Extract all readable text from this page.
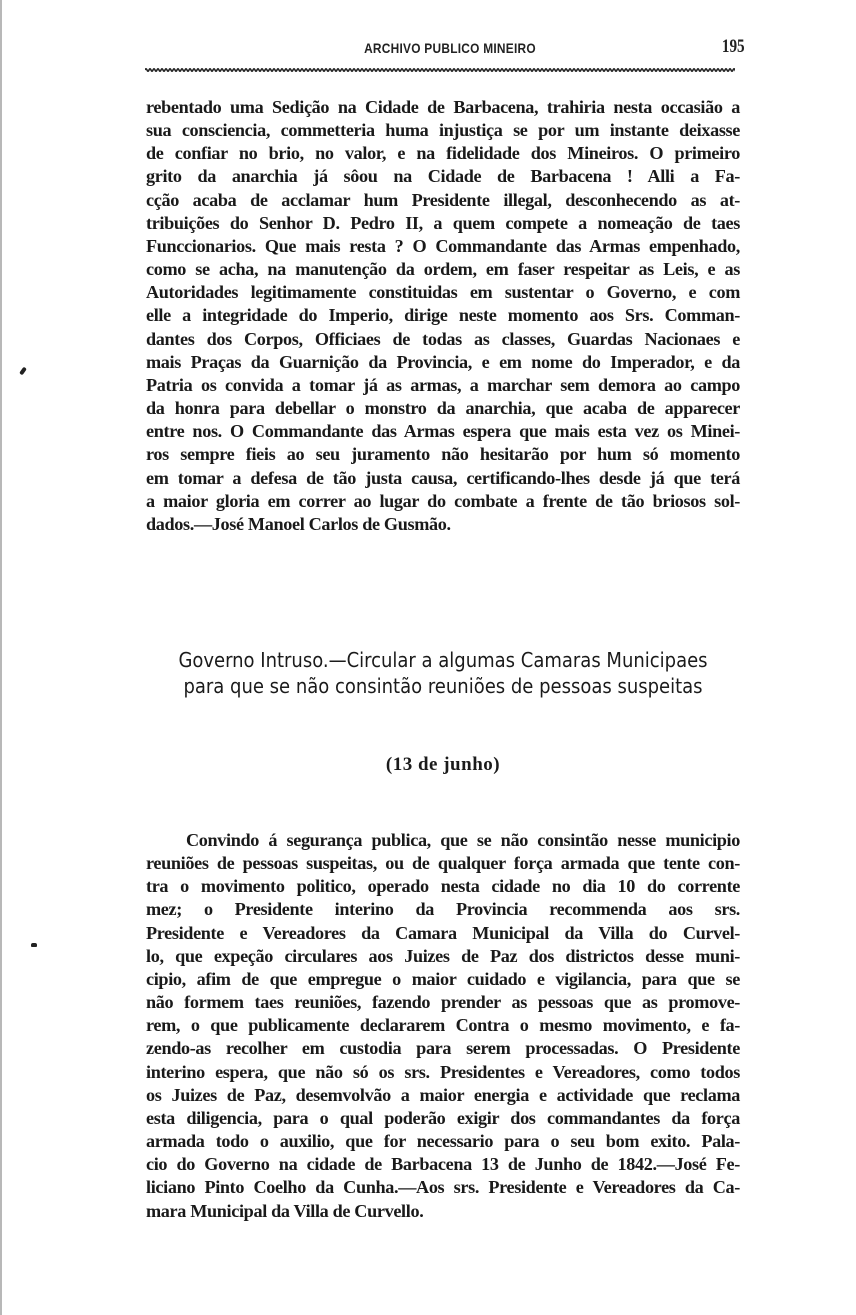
ARCHIVO PUBLICO MINEIRO	195
rebentado uma Sedição na Cidade de Barbacena, trahiria nesta occasião a
sua consciencia, commetteria huma injustiça se por um instante deixasse
de confiar no brio, no valor, e na fidelidade dos Mineiros. O primeiro
grito da anarchia já sôou na Cidade de Barbacena ! Alli a Fa-
cção acaba de acclamar hum Presidente illegal, desconhecendo as at-
tribuições do Senhor D. Pedro II, a quem compete a nomeação de taes
Funccionarios. Que mais resta ? O Commandante das Armas empenhado,
como se acha, na manutenção da ordem, em faser respeitar as Leis, e as
Autoridades legitimamente constituidas em sustentar o Governo, e com
elle a integridade do Imperio, dirige neste momento aos Srs. Comman-
dantes dos Corpos, Officiaes de todas as classes, Guardas Nacionaes e
mais Praças da Guarnição da Provincia, e em nome do Imperador, e da
Patria os convida a tomar já as armas, a marchar sem demora ao campo
da honra para debellar o monstro da anarchia, que acaba de apparecer
entre nos. O Commandante das Armas espera que mais esta vez os Minei-
ros sempre fieis ao seu juramento não hesitarão por hum só momento
em tomar a defesa de tão justa causa, certificando-lhes desde já que terá
a maior gloria em correr ao lugar do combate a frente de tão briosos sol-
dados.—José Manoel Carlos de Gusmão.
Governo Intruso.—Circular a algumas Camaras Municipaes
para que se não consintão reuniões de pessoas suspeitas
(13 de junho)
Convindo á segurança publica, que se não consintão nesse municipio
reuniões de pessoas suspeitas, ou de qualquer força armada que tente con-
tra o movimento politico, operado nesta cidade no dia 10 do corrente
mez; o Presidente interino da Provincia recommenda aos srs.
Presidente e Vereadores da Camara Municipal da Villa do Curvel-
lo, que expeção circulares aos Juizes de Paz dos districtos desse muni-
cipio, afim de que empregue o maior cuidado e vigilancia, para que se
não formem taes reuniões, fazendo prender as pessoas que as promove-
rem, o que publicamente declararem Contra o mesmo movimento, e fa-
zendo-as recolher em custodia para serem processadas. O Presidente
interino espera, que não só os srs. Presidentes e Vereadores, como todos
os Juizes de Paz, desemvolvão a maior energia e actividade que reclama
esta diligencia, para o qual poderão exigir dos commandantes da força
armada todo o auxilio, que for necessario para o seu bom exito. Pala-
cio do Governo na cidade de Barbacena 13 de Junho de 1842.—José Fe-
liciano Pinto Coelho da Cunha.—Aos srs. Presidente e Vereadores da Ca-
mara Municipal da Villa de Curvello.
